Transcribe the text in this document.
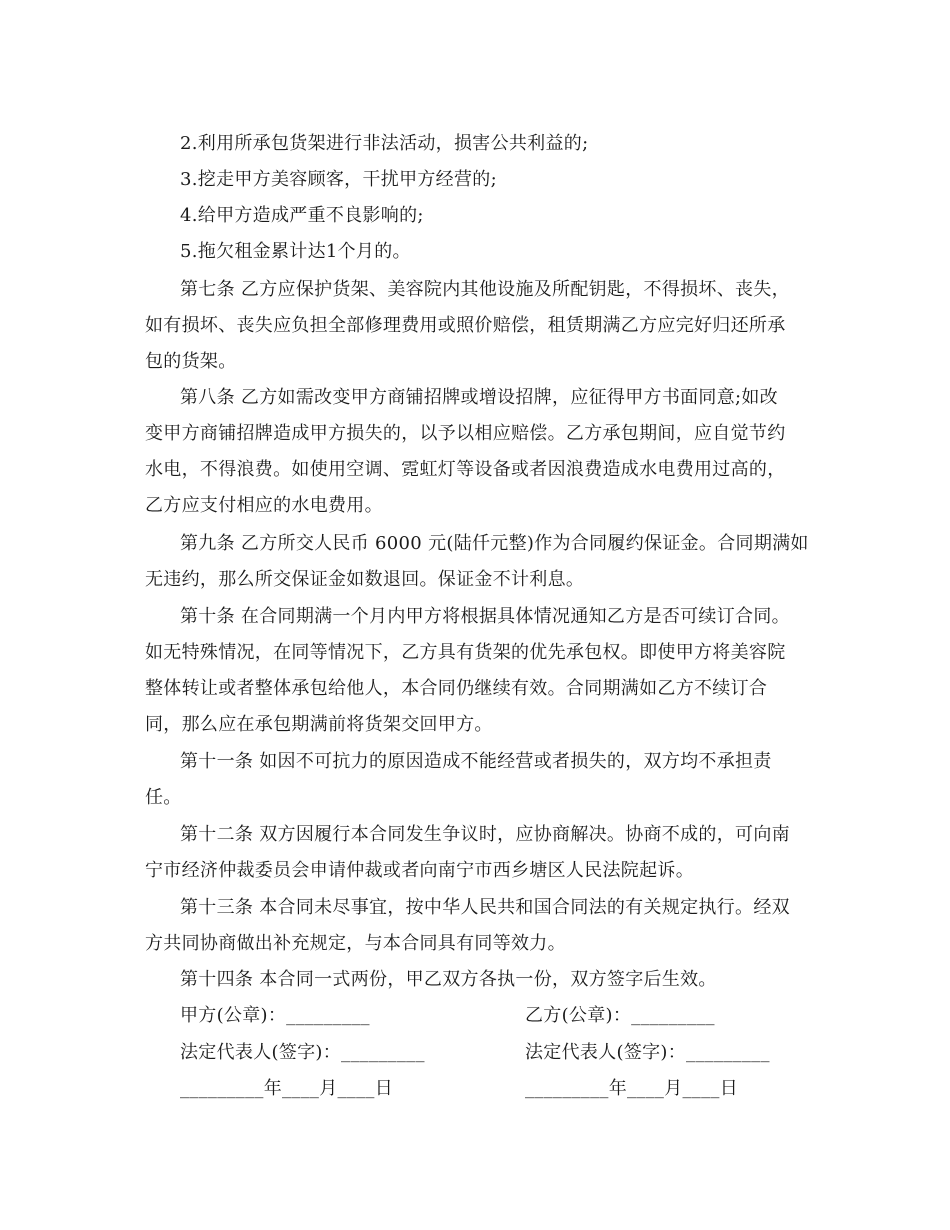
2.利用所承包货架进行非法活动，损害公共利益的;
3.挖走甲方美容顾客，干扰甲方经营的;
4.给甲方造成严重不良影响的;
5.拖欠租金累计达1个月的。
第七条 乙方应保护货架、美容院内其他设施及所配钥匙，不得损坏、丧失，
如有损坏、丧失应负担全部修理费用或照价赔偿，租赁期满乙方应完好归还所承
包的货架。
第八条 乙方如需改变甲方商铺招牌或增设招牌，应征得甲方书面同意;如改
变甲方商铺招牌造成甲方损失的，以予以相应赔偿。乙方承包期间，应自觉节约
水电，不得浪费。如使用空调、霓虹灯等设备或者因浪费造成水电费用过高的，
乙方应支付相应的水电费用。
第九条 乙方所交人民币 6000 元(陆仟元整)作为合同履约保证金。合同期满如
无违约，那么所交保证金如数退回。保证金不计利息。
第十条 在合同期满一个月内甲方将根据具体情况通知乙方是否可续订合同。
如无特殊情况，在同等情况下，乙方具有货架的优先承包权。即使甲方将美容院
整体转让或者整体承包给他人，本合同仍继续有效。合同期满如乙方不续订合
同，那么应在承包期满前将货架交回甲方。
第十一条 如因不可抗力的原因造成不能经营或者损失的，双方均不承担责
任。
第十二条 双方因履行本合同发生争议时，应协商解决。协商不成的，可向南
宁市经济仲裁委员会申请仲裁或者向南宁市西乡塘区人民法院起诉。
第十三条 本合同未尽事宜，按中华人民共和国合同法的有关规定执行。经双
方共同协商做出补充规定，与本合同具有同等效力。
第十四条 本合同一式两份，甲乙双方各执一份，双方签字后生效。
甲方(公章)：_________	乙方(公章)：_________
法定代表人(签字)：_________	法定代表人(签字)：_________
_________年____月____日	_________年____月____日
